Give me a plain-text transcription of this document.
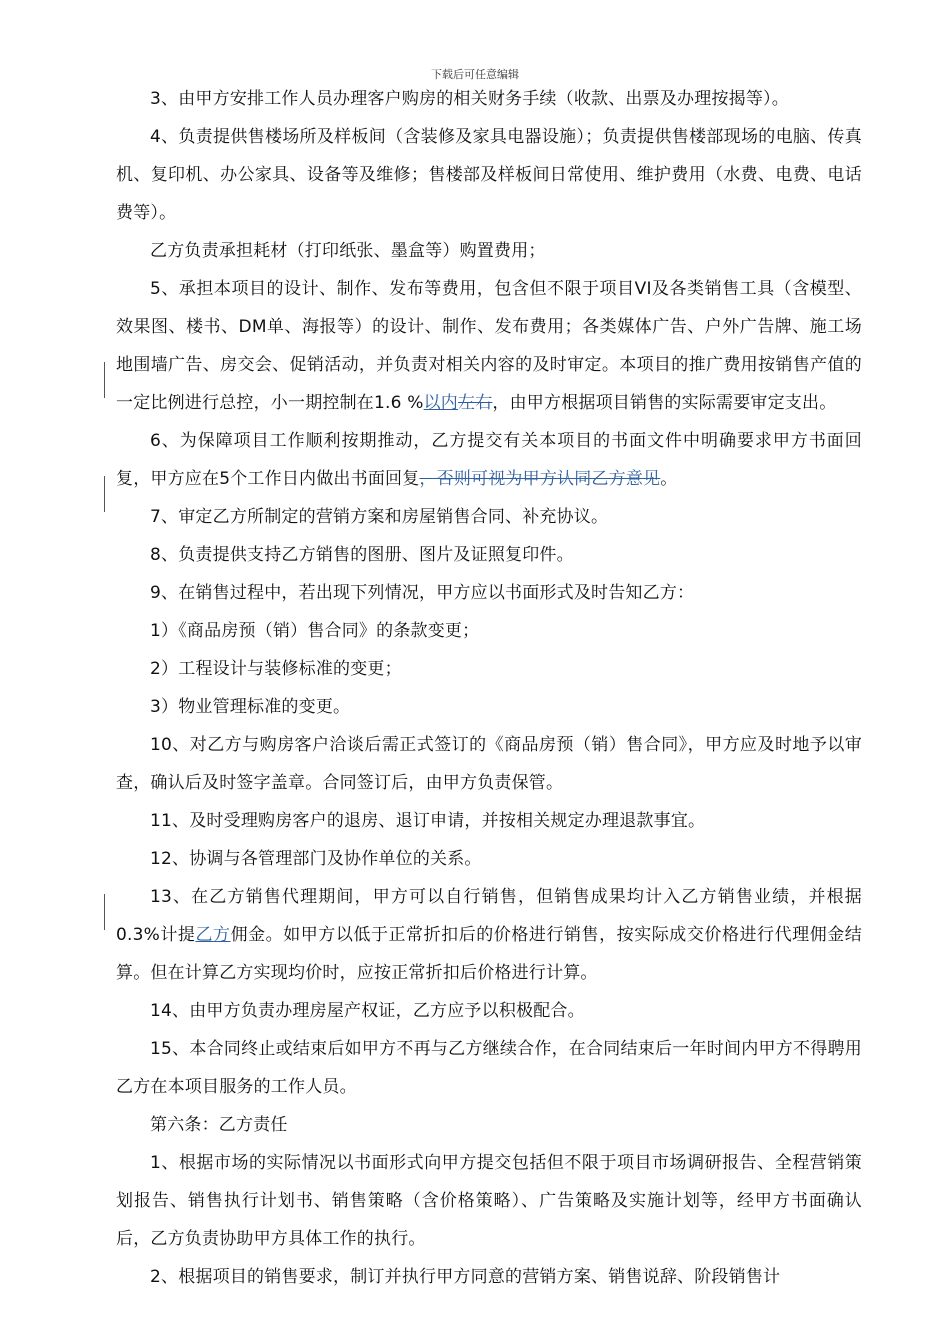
下载后可任意编辑

3、由甲方安排工作人员办理客户购房的相关财务手续（收款、出票及办理按揭等）。

4、负责提供售楼场所及样板间（含装修及家具电器设施）；负责提供售楼部现场的电脑、传真机、复印机、办公家具、设备等及维修；售楼部及样板间日常使用、维护费用（水费、电费、电话费等）。

乙方负责承担耗材（打印纸张、墨盒等）购置费用；

5、承担本项目的设计、制作、发布等费用，包含但不限于项目VI及各类销售工具（含模型、效果图、楼书、DM单、海报等）的设计、制作、发布费用；各类媒体广告、户外广告牌、施工场地围墙广告、房交会、促销活动，并负责对相关内容的及时审定。本项目的推广费用按销售产值的一定比例进行总控，小一期控制在1.6 %以内左右，由甲方根据项目销售的实际需要审定支出。

6、为保障项目工作顺利按期推动，乙方提交有关本项目的书面文件中明确要求甲方书面回复，甲方应在5个工作日内做出书面回复，否则可视为甲方认同乙方意见。

7、审定乙方所制定的营销方案和房屋销售合同、补充协议。

8、负责提供支持乙方销售的图册、图片及证照复印件。

9、在销售过程中，若出现下列情况，甲方应以书面形式及时告知乙方：

1）《商品房预（销）售合同》的条款变更；

2）工程设计与装修标准的变更；

3）物业管理标准的变更。

10、对乙方与购房客户洽谈后需正式签订的《商品房预（销）售合同》，甲方应及时地予以审查，确认后及时签字盖章。合同签订后，由甲方负责保管。

11、及时受理购房客户的退房、退订申请，并按相关规定办理退款事宜。

12、协调与各管理部门及协作单位的关系。

13、在乙方销售代理期间，甲方可以自行销售，但销售成果均计入乙方销售业绩，并根据0.3%计提乙方佣金。如甲方以低于正常折扣后的价格进行销售，按实际成交价格进行代理佣金结算。但在计算乙方实现均价时，应按正常折扣后价格进行计算。

14、由甲方负责办理房屋产权证，乙方应予以积极配合。

15、本合同终止或结束后如甲方不再与乙方继续合作，在合同结束后一年时间内甲方不得聘用乙方在本项目服务的工作人员。

第六条：乙方责任

1、根据市场的实际情况以书面形式向甲方提交包括但不限于项目市场调研报告、全程营销策划报告、销售执行计划书、销售策略（含价格策略）、广告策略及实施计划等，经甲方书面确认后，乙方负责协助甲方具体工作的执行。

2、根据项目的销售要求，制订并执行甲方同意的营销方案、销售说辞、阶段销售计
